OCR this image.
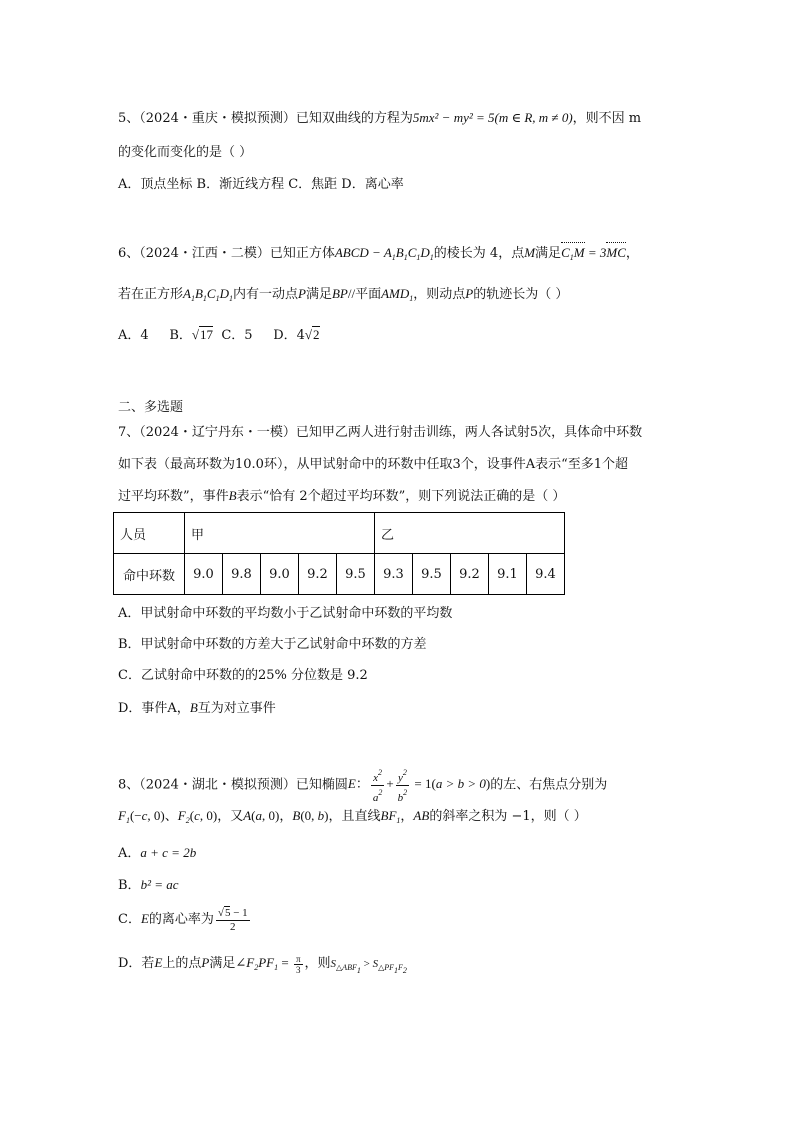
5、（2024・重庆・模拟预测）已知双曲线的方程为5mx² − my² = 5(m ∈ R, m ≠ 0)，则不因 m
的变化而变化的是（ ）
A．顶点坐标 B．渐近线方程 C．焦距 D．离心率
6、（2024・江西・二模）已知正方体ABCD − $A_1B_1C_1D_1$的棱长为 4，点M满足$C_1M = 3MC$，
若在正方形$A_1B_1C_1D_1$内有一动点P满足BP//平面$AMD_1$，则动点P的轨迹长为（ ）
A．4 B．√17 C．5 D．4√2
二、多选题
7、（2024・辽宁丹东・一模）已知甲乙两人进行射击训练，两人各试射5次，具体命中环数
如下表（最高环数为10.0环），从甲试射命中的环数中任取3个，设事件A表示“至多1个超
过平均环数”，事件B表示“恰有 2个超过平均环数”，则下列说法正确的是（ ）
人员	甲					乙				
命中环数	9.0	9.8	9.0	9.2	9.5	9.3	9.5	9.2	9.1	9.4
A．甲试射命中环数的平均数小于乙试射命中环数的平均数
B．甲试射命中环数的方差大于乙试射命中环数的方差
C．乙试射命中环数的的25% 分位数是 9.2
D．事件A，B互为对立事件
8、（2024・湖北・模拟预测）已知椭圆E： $\frac{x^2}{a^2} + \frac{y^2}{b^2} = 1(a > b > 0)$的左、右焦点分别为
$F_1(-c$, 0)、$F_2(c$, 0)，又A(a, 0)，B(0, b)，且直线$BF_1$，AB的斜率之积为 −1，则（ ）
A．a + c = 2b
B．b² = ac
C．E的离心率为 $\frac{√5 - 1}{2}$
D．若E上的点P满足$\angle F_2PF_1 = \frac{\pi}{3}$ ，则$S_{\triangle ABF_1} > S_{\triangle PF_1F_2}$
